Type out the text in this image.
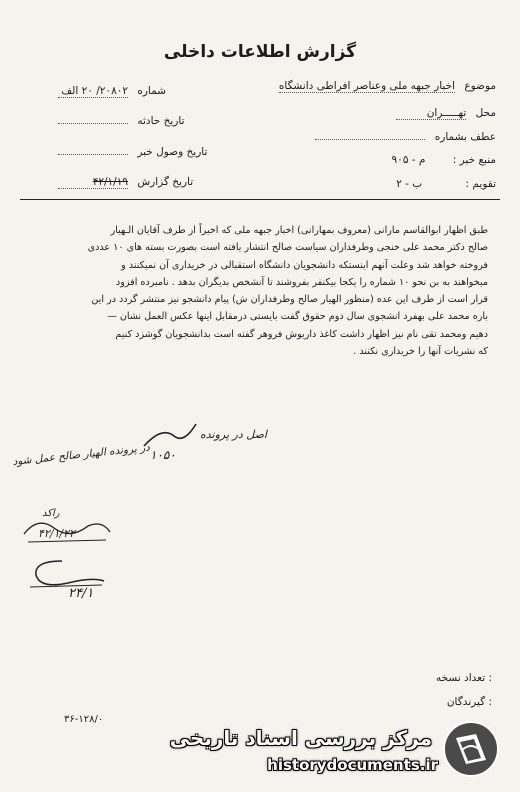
گزارش اطلاعات داخلی
موضوع اخبار جبهه ملی وعناصر افراطی دانشگاه
محل تهـــــران
عطف بشماره
منبع خبر : م - ۹۰۵
تقویم : ب - ۲
شماره ۲۰۸۰۲/ ۲۰ الف
تاریخ حادثه
تاریخ وصول خبر
تاریخ گزارش ۴۲/۱/۱۹

طبق اظهار ابوالقاسم مارانی (معروف بمهارانی) اخبار جبهه ملی که اخیراً از طرف آقایان الـهیار

صالح دکتر محمد علی خنجی وطرفداران سیاست صالح انتشار یافته است بصورت بسته های ۱۰ عددی

فروخته خواهد شد وعلت آنهم اینستکه دانشجویان دانشگاه استقبالی در خریداری آن نمیکنند و

میخواهند به بن نحو ۱۰ شماره را یکجا بیکنفر بفروشند تا آنشخص بدیگران بدهد . نامبرده افزود

قرار است از طرف این عده (منظور الهیار صالح وطرفداران ش) پیام دانشجو نیز منتشر گردد در این

باره محمد علی بهفرد انشجوی سال دوم حقوق گفت بایستی درمقابل اینها عکس العمل نشان —

دهیم ومحمد تقی نام نیز اظهار داشت کاغذ داریوش فروهر گفته است بدانشجویان گوشزد کنیم

که نشریات آنها را خریداری نکنند .

اصل در پرونده
۱۰۵۰
در پرونده الهیار صالح عمل شود
راکد
۴۲/۱/۲۲
۲۴/۱
: تعداد نسخه
: گیرندگان
۳۶-۱۲۸/۰
مرکز بررسی اسناد تاریخی
historydocuments.ir
